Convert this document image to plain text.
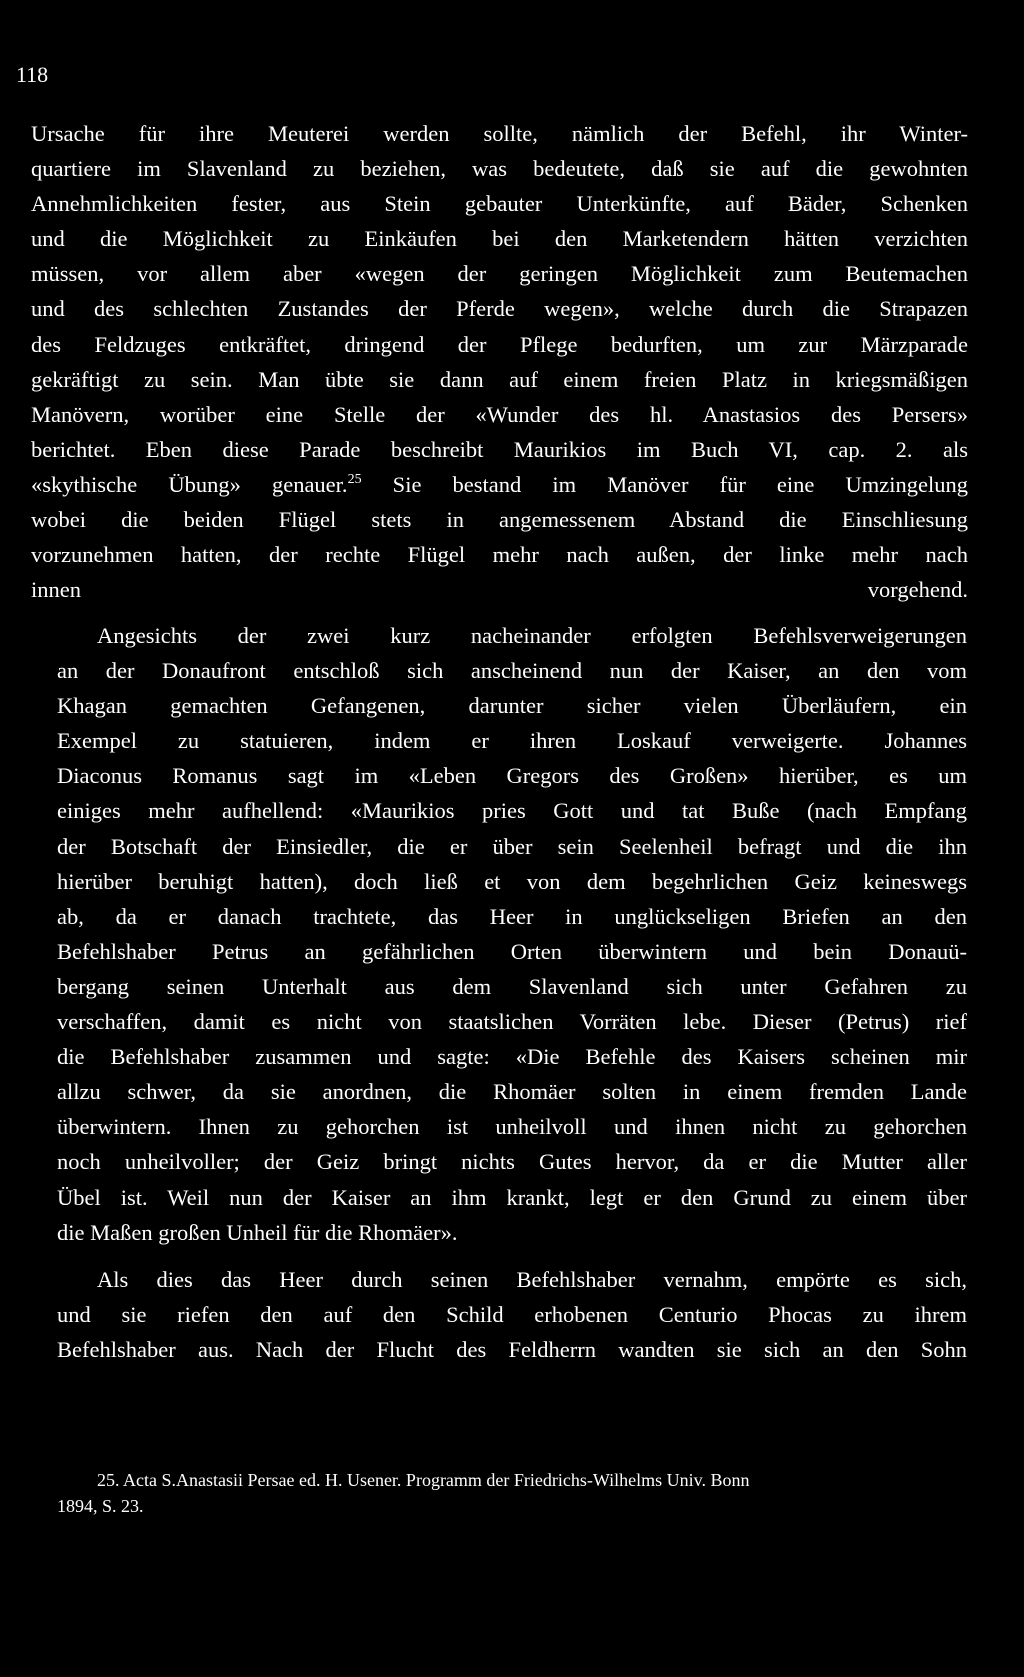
118
Ursache für ihre Meuterei werden sollte, nämlich der Befehl, ihr Winter-
quartiere im Slavenland zu beziehen, was bedeutete, daß sie auf die gewohnten
Annehmlichkeiten fester, aus Stein gebauter Unterkünfte, auf Bäder, Schenken
und die Möglichkeit zu Einkäufen bei den Marketendern hätten verzichten
müssen, vor allem aber «wegen der geringen Möglichkeit zum Beutemachen
und des schlechten Zustandes der Pferde wegen», welche durch die Strapazen
des Feldzuges entkräftet, dringend der Pflege bedurften, um zur Märzparade
gekräftigt zu sein. Man übte sie dann auf einem freien Platz in kriegsmäßigen
Manövern, worüber eine Stelle der «Wunder des hl. Anastasios des Persers»
berichtet. Eben diese Parade beschreibt Maurikios im Buch VI, cap. 2. als
«skythische Übung» genauer.$^{25}$ Sie bestand im Manöver für eine Umzingelung
wobei die beiden Flügel stets in angemessenem Abstand die Einschliesung
vorzunehmen hatten, der rechte Flügel mehr nach außen, der linke mehr nach
innen vorgehend.
Angesichts der zwei kurz nacheinander erfolgten Befehlsverweigerungen
an der Donaufront entschloß sich anscheinend nun der Kaiser, an den vom
Khagan gemachten Gefangenen, darunter sicher vielen Überläufern, ein
Exempel zu statuieren, indem er ihren Loskauf verweigerte. Johannes
Diaconus Romanus sagt im «Leben Gregors des Großen» hierüber, es um
einiges mehr aufhellend: «Maurikios pries Gott und tat Buße (nach Empfang
der Botschaft der Einsiedler, die er über sein Seelenheil befragt und die ihn
hierüber beruhigt hatten), doch ließ et von dem begehrlichen Geiz keineswegs
ab, da er danach trachtete, das Heer in unglückseligen Briefen an den
Befehlshaber Petrus an gefährlichen Orten überwintern und bein Donauü-
bergang seinen Unterhalt aus dem Slavenland sich unter Gefahren zu
verschaffen, damit es nicht von staatslichen Vorräten lebe. Dieser (Petrus) rief
die Befehlshaber zusammen und sagte: «Die Befehle des Kaisers scheinen mir
allzu schwer, da sie anordnen, die Rhomäer solten in einem fremden Lande
überwintern. Ihnen zu gehorchen ist unheilvoll und ihnen nicht zu gehorchen
noch unheilvoller; der Geiz bringt nichts Gutes hervor, da er die Mutter aller
Übel ist. Weil nun der Kaiser an ihm krankt, legt er den Grund zu einem über
die Maßen großen Unheil für die Rhomäer».
Als dies das Heer durch seinen Befehlshaber vernahm, empörte es sich,
und sie riefen den auf den Schild erhobenen Centurio Phocas zu ihrem
Befehlshaber aus. Nach der Flucht des Feldherrn wandten sie sich an den Sohn
25. Acta S.Anastasii Persae ed. H. Usener. Programm der Friedrichs-Wilhelms Univ. Bonn
1894, S. 23.
